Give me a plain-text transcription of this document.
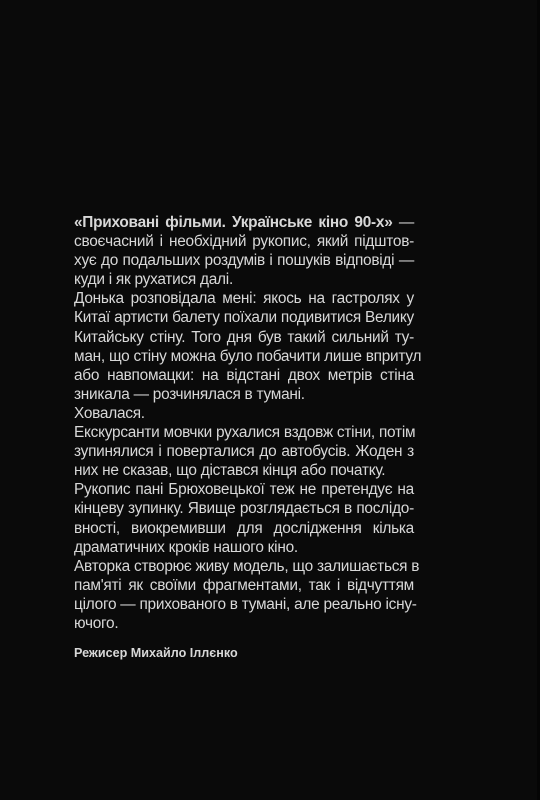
«Приховані фільми. Українське кіно 90-х» —
своєчасний і необхідний рукопис, який підштов-
хує до подальших роздумів і пошуків відповіді —
куди і як рухатися далі.
Донька розповідала мені: якось на гастролях у
Китаї артисти балету поїхали подивитися Велику
Китайську стіну. Того дня був такий сильний ту-
ман, що стіну можна було побачити лише впритул
або навпомацки: на відстані двох метрів стіна
зникала — розчинялася в тумані.
Ховалася.
Екскурсанти мовчки рухалися вздовж стіни, потім
зупинялися і поверталися до автобусів. Жоден з
них не сказав, що дістався кінця або початку.
Рукопис пані Брюховецької теж не претендує на
кінцеву зупинку. Явище розглядається в послідо-
вності, виокремивши для дослідження кілька
драматичних кроків нашого кіно.
Авторка створює живу модель, що залишається в
пам'яті як своїми фрагментами, так і відчуттям
цілого — прихованого в тумані, але реально існу-
ючого.
Режисер Михайло Іллєнко
